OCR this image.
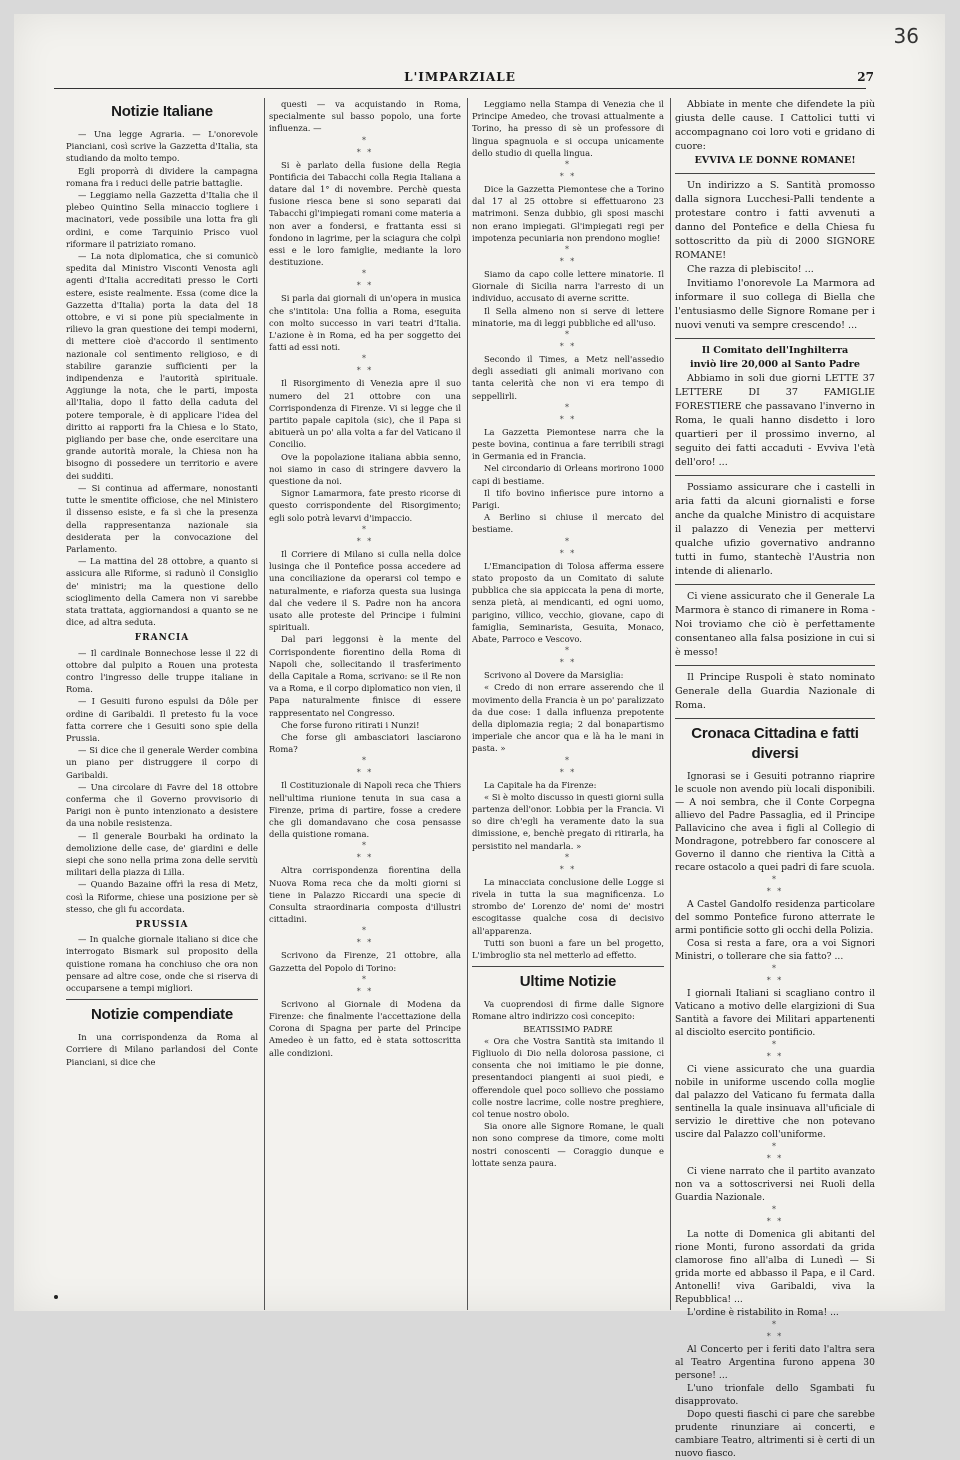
36
L'IMPARZIALE	27
Notizie Italiane

— Una legge Agraria. — L'onorevole Pianciani, così scrive la Gazzetta d'Italia, sta studiando da molto tempo.

Egli proporrà di dividere la campagna romana fra i reduci delle patrie battaglie.

— Leggiamo nella Gazzetta d'Italia che il plebeo Quintino Sella minaccio togliere i macinatori, vede possibile una lotta fra gli ordini, e come Tarquinio Prisco vuol riformare il patriziato romano.

— La nota diplomatica, che si comunicò spedita dal Ministro Visconti Venosta agli agenti d'Italia accreditati presso le Corti estere, esiste realmente. Essa (come dice la Gazzetta d'Italia) porta la data del 18 ottobre, e vi si pone più specialmente in rilievo la gran questione dei tempi moderni, di mettere cioè d'accordo il sentimento nazionale col sentimento religioso, e di stabilire garanzie sufficienti per la indipendenza e l'autorità spirituale. Aggiunge la nota, che le parti, imposta all'Italia, dopo il fatto della caduta del potere temporale, è di applicare l'idea del diritto ai rapporti fra la Chiesa e lo Stato, pigliando per base che, onde esercitare una grande autorità morale, la Chiesa non ha bisogno di possedere un territorio e avere dei sudditi.

— Si continua ad affermare, nonostanti tutte le smentite officiose, che nel Ministero il dissenso esiste, e fa sì che la presenza della rappresentanza nazionale sia desiderata per la convocazione del Parlamento.

— La mattina del 28 ottobre, a quanto si assicura alle Riforme, si radunò il Consiglio de' ministri; ma la questione dello scioglimento della Camera non vi sarebbe stata trattata, aggiornandosi a quanto se ne dice, ad altra seduta.

FRANCIA

— Il cardinale Bonnechose lesse il 22 di ottobre dal pulpito a Rouen una protesta contro l'ingresso delle truppe italiane in Roma.

— I Gesuiti furono espulsi da Dôle per ordine di Garibaldi. Il pretesto fu la voce fatta correre che i Gesuiti sono spie della Prussia.

— Si dice che il generale Werder combina un piano per distruggere il corpo di Garibaldi.

— Una circolare di Favre del 18 ottobre conferma che il Governo provvisorio di Parigi non è punto intenzionato a desistere da una nobile resistenza.

— Il generale Bourbaki ha ordinato la demolizione delle case, de' giardini e delle siepi che sono nella prima zona delle servitù militari della piazza di Lilla.

— Quando Bazaine offrì la resa di Metz, così la Riforme, chiese una posizione per sè stesso, che gli fu accordata.

PRUSSIA

— In qualche giornale italiano si dice che interrogato Bismark sul proposito della quistione romana ha conchiuso che ora non pensare ad altre cose, onde che si riserva di occuparsene a tempi migliori.

Notizie compendiate

In una corrispondenza da Roma al Corriere di Milano parlandosi del Conte Pianciani, si dice che

questi — va acquistando in Roma, specialmente sul basso popolo, una forte influenza. —

*
* *

Si è parlato della fusione della Regia Pontificia dei Tabacchi colla Regia Italiana a datare dal 1° di novembre. Perchè questa fusione riesca bene si sono separati dai Tabacchi gl'impiegati romani come materia a non aver a fondersi, e frattanta essi si fondono in lagrime, per la sciagura che colpì essi e le loro famiglie, mediante la loro destituzione.

*
* *

Si parla dai giornali di un'opera in musica che s'intitola: Una follia a Roma, eseguita con molto successo in vari teatri d'Italia. L'azione è in Roma, ed ha per soggetto dei fatti ad essi noti.

*
* *

Il Risorgimento di Venezia apre il suo numero del 21 ottobre con una Corrispondenza di Firenze. Vi si legge che il partito papale capitola (sic), che il Papa si abituerà un po' alla volta a far del Vaticano il Concilio.

Ove la popolazione italiana abbia senno, noi siamo in caso di stringere davvero la questione da noi.

Signor Lamarmora, fate presto ricorse di questo corrispondente del Risorgimento; egli solo potrà levarvi d'impaccio.

*
* *

Il Corriere di Milano si culla nella dolce lusinga che il Pontefice possa accedere ad una conciliazione da operarsi col tempo e naturalmente, e riaforza questa sua lusinga dal che vedere il S. Padre non ha ancora usato alle proteste del Principe i fulmini spirituali.

Dal pari leggonsi è la mente del Corrispondente fiorentino della Roma di Napoli che, sollecitando il trasferimento della Capitale a Roma, scrivano: se il Re non va a Roma, e il corpo diplomatico non vien, il Papa naturalmente finisce di essere rappresentato nel Congresso.

Che forse furono ritirati i Nunzi!

Che forse gli ambasciatori lasciarono Roma?

*
* *

Il Costituzionale di Napoli reca che Thiers nell'ultima riunione tenuta in sua casa a Firenze, prima di partire, fosse a credere che gli domandavano che cosa pensasse della quistione romana.

*
* *

Altra corrispondenza fiorentina della Nuova Roma reca che da molti giorni si tiene in Palazzo Riccardi una specie di Consulta straordinaria composta d'illustri cittadini.

*
* *

Scrivono da Firenze, 21 ottobre, alla Gazzetta del Popolo di Torino:

*
* *

Scrivono al Giornale di Modena da Firenze: che finalmente l'accettazione della Corona di Spagna per parte del Principe Amedeo è un fatto, ed è stata sottoscritta alle condizioni.

Leggiamo nella Stampa di Venezia che il Principe Amedeo, che trovasi attualmente a Torino, ha presso di sè un professore di lingua spagnuola e si occupa unicamente dello studio di quella lingua.

*
* *

Dice la Gazzetta Piemontese che a Torino dal 17 al 25 ottobre si effettuarono 23 matrimoni. Senza dubbio, gli sposi maschi non erano impiegati. Gl'impiegati regi per impotenza pecuniaria non prendono moglie!

*
* *

Siamo da capo colle lettere minatorie. Il Giornale di Sicilia narra l'arresto di un individuo, accusato di averne scritte.

Il Sella almeno non si serve di lettere minatorie, ma di leggi pubbliche ed all'uso.

*
* *

Secondo il Times, a Metz nell'assedio degli assediati gli animali morivano con tanta celerità che non vi era tempo di seppellirli.

*
* *

La Gazzetta Piemontese narra che la peste bovina, continua a fare terribili stragi in Germania ed in Francia.

Nel circondario di Orleans morirono 1000 capi di bestiame.

Il tifo bovino infierisce pure intorno a Parigi.

A Berlino si chiuse il mercato del bestiame.

*
* *

L'Emancipation di Tolosa afferma essere stato proposto da un Comitato di salute pubblica che sia appiccata la pena di morte, senza pietà, ai mendicanti, ed ogni uomo, parigino, villico, vecchio, giovane, capo di famiglia, Seminarista, Gesuita, Monaco, Abate, Parroco e Vescovo.

*
* *

Scrivono al Dovere da Marsiglia:

« Credo di non errare asserendo che il movimento della Francia è un po' paralizzato da due cose: 1 dalla influenza prepotente della diplomazia regia; 2 dal bonapartismo imperiale che ancor qua e là ha le mani in pasta. »

*
* *

La Capitale ha da Firenze:

« Si è molto discusso in questi giorni sulla partenza dell'onor. Lobbia per la Francia. Vi so dire ch'egli ha veramente dato la sua dimissione, e, benchè pregato di ritirarla, ha persistito nel mandarla. »

*
* *

La minacciata conclusione delle Logge si rivela in tutta la sua magnificenza. Lo strombo de' Lorenzo de' nomi de' mostri escogitasse qualche cosa di decisivo all'apparenza.

Tutti son buoni a fare un bel progetto, L'imbroglio sta nel metterlo ad effetto.

Ultime Notizie

Va cuoprendosi di firme dalle Signore Romane altro indirizzo così concepito:

BEATISSIMO PADRE

« Ora che Vostra Santità sta imitando il Figliuolo di Dio nella dolorosa passione, ci consenta che noi imitiamo le pie donne, presentandoci piangenti ai suoi piedi, e offerendole quel poco sollievo che possiamo colle nostre lacrime, colle nostre preghiere, col tenue nostro obolo.

Sia onore alle Signore Romane, le quali non sono comprese da timore, come molti nostri conoscenti — Coraggio dunque e lottate senza paura.

Abbiate in mente che difendete la più giusta delle cause. I Cattolici tutti vi accompagnano coi loro voti e gridano di cuore:

EVVIVA LE DONNE ROMANE!

Un indirizzo a S. Santità promosso dalla signora Lucchesi-Palli tendente a protestare contro i fatti avvenuti a danno del Pontefice e della Chiesa fu sottoscritto da più di 2000 SIGNORE ROMANE!

Che razza di plebiscito! ...

Invitiamo l'onorevole La Marmora ad informare il suo collega di Biella che l'entusiasmo delle Signore Romane per i nuovi venuti va sempre crescendo! ...

Il Comitato dell'Inghilterra

inviò lire 20,000 al Santo Padre

Abbiamo in soli due giorni LETTE 37 LETTERE DI 37 FAMIGLIE FORESTIERE che passavano l'inverno in Roma, le quali hanno disdetto i loro quartieri per il prossimo inverno, al seguito dei fatti accaduti - Evviva l'età dell'oro! ...

Possiamo assicurare che i castelli in aria fatti da alcuni giornalisti e forse anche da qualche Ministro di acquistare il palazzo di Venezia per mettervi qualche ufizio governativo andranno tutti in fumo, stantechè l'Austria non intende di alienarlo.

Ci viene assicurato che il Generale La Marmora è stanco di rimanere in Roma - Noi troviamo che ciò è perfettamente consentaneo alla falsa posizione in cui si è messo!

Il Principe Ruspoli è stato nominato Generale della Guardia Nazionale di Roma.

Cronaca Cittadina e fatti diversi

Ignorasi se i Gesuiti potranno riaprire le scuole non avendo più locali disponibili. — A noi sembra, che il Conte Corpegna allievo del Padre Passaglia, ed il Principe Pallavicino che avea i figli al Collegio di Mondragone, potrebbero far conoscere al Governo il danno che rientiva la Città a recare ostacolo a quei padri di fare scuola.

*
* *

A Castel Gandolfo residenza particolare del sommo Pontefice furono atterrate le armi pontificie sotto gli occhi della Polizia.

Cosa si resta a fare, ora a voi Signori Ministri, o tollerare che sia fatto? ...

*
* *

I giornali Italiani si scagliano contro il Vaticano a motivo delle elargizioni di Sua Santità a favore dei Militari appartenenti al disciolto esercito pontificio.

*
* *

Ci viene assicurato che una guardia nobile in uniforme uscendo colla moglie dal palazzo del Vaticano fu fermata dalla sentinella la quale insinuava all'uficiale di servizio le direttive che non potevano uscire dal Palazzo coll'uniforme.

*
* *

Ci viene narrato che il partito avanzato non va a sottoscriversi nei Ruoli della Guardia Nazionale.

*
* *

La notte di Domenica gli abitanti del rione Monti, furono assordati da grida clamorose fino all'alba di Lunedì — Si grida morte ed abbasso il Papa, e il Card. Antonelli! viva Garibaldi, viva la Repubblica! ...

L'ordine è ristabilito in Roma! ...

*
* *

Al Concerto per i feriti dato l'altra sera al Teatro Argentina furono appena 30 persone! ...

L'uno trionfale dello Sgambati fu disapprovato.

Dopo questi fiaschi ci pare che sarebbe prudente rinunziare ai concerti, e cambiare Teatro, altrimenti si è certi di un nuovo fiasco.
